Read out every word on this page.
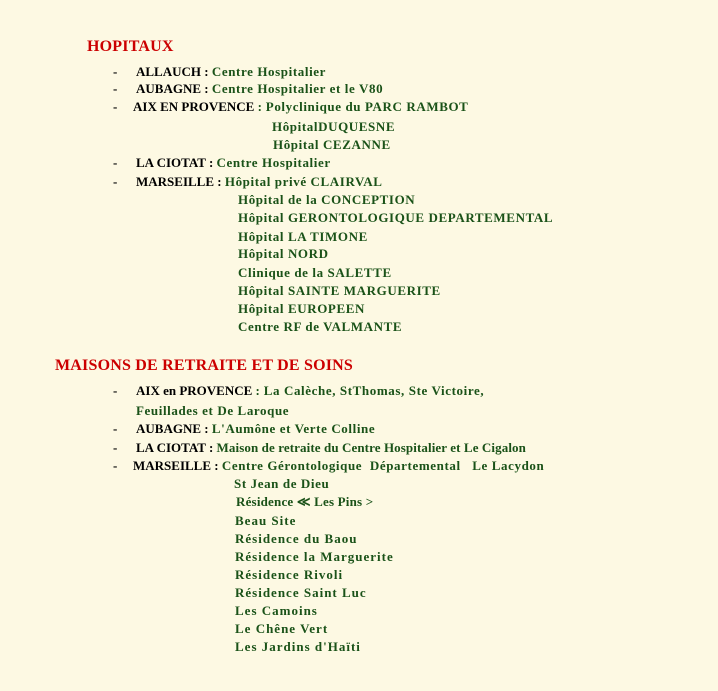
HOPITAUX
- ALLAUCH : Centre Hospitalier
- AUBAGNE : Centre Hospitalier et le V80
- AIX EN PROVENCE : Polyclinique du PARC RAMBOT
HôpitalDUQUESNE
Hôpital CEZANNE
- LA CIOTAT : Centre Hospitalier
- MARSEILLE : Hôpital privé CLAIRVAL
Hôpital de la CONCEPTION
Hôpital GERONTOLOGIQUE DEPARTEMENTAL
Hôpital LA TIMONE
Hôpital NORD
Clinique de la SALETTE
Hôpital SAINTE MARGUERITE
Hôpital EUROPEEN
Centre RF de VALMANTE
MAISONS DE RETRAITE ET DE SOINS
- AIX en PROVENCE : La Calèche, StThomas, Ste Victoire,
Feuillades et De Laroque
- AUBAGNE : L'Aumône et Verte Colline
- LA CIOTAT : Maison de retraite du Centre Hospitalier et Le Cigalon
- MARSEILLE : Centre Gérontologique  Départemental   Le Lacydon
St Jean de Dieu
Résidence ≪ Les Pins >
Beau Site
Résidence du Baou
Résidence la Marguerite
Résidence Rivoli
Résidence Saint Luc
Les Camoins
Le Chêne Vert
Les Jardins d'Haïti
